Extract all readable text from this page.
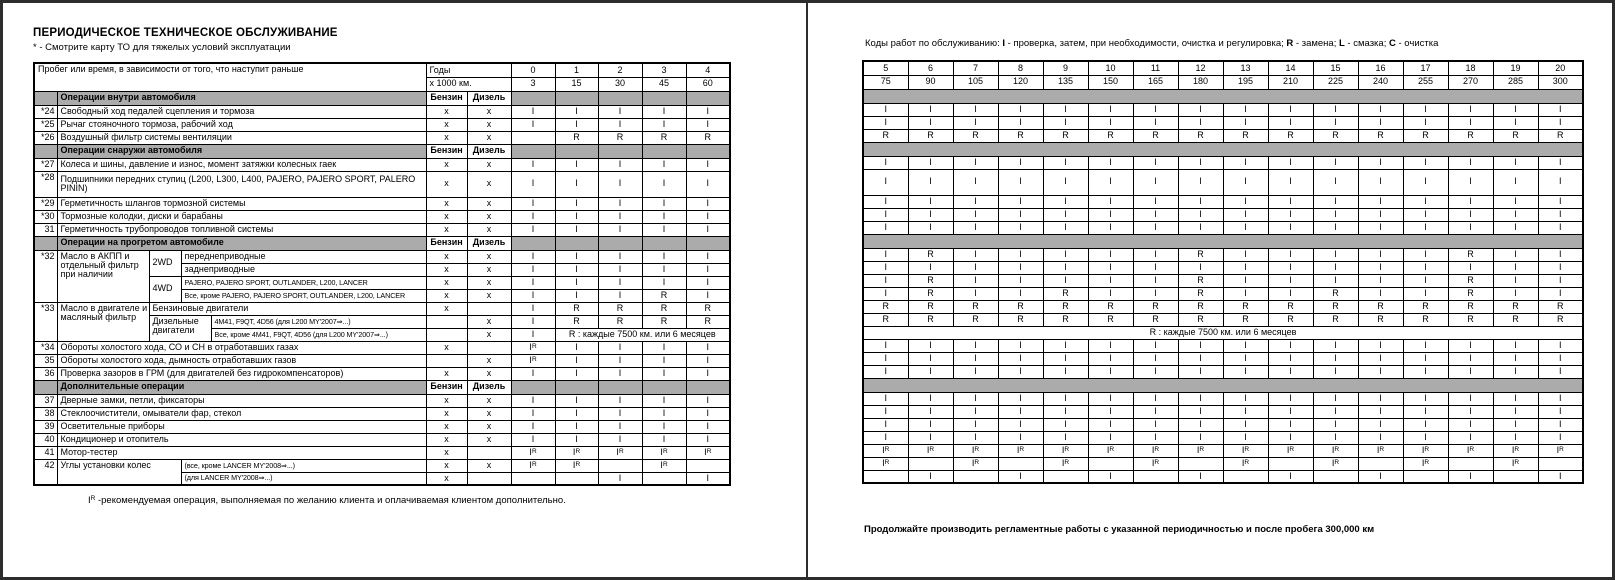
ПЕРИОДИЧЕСКОЕ ТЕХНИЧЕСКОЕ ОБСЛУЖИВАНИЕ
* - Смотрите карту ТО для тяжелых условий эксплуатации
Пробег или время, в зависимости от того, что наступит раньше					Годы		0	1	2	3	4
					х 1000 км.		3	15	30	45	60
	Операции внутри автомобиля				Бензин	Дизель					
*24	Свободный ход педалей сцепления и тормоза				x	x	I	I	I	I	I
*25	Рычаг стояночного тормоза, рабочий ход				x	x	I	I	I	I	I
*26	Воздушный фильтр системы вентиляции				x	x		R	R	R	R
	Операции снаружи автомобиля				Бензин	Дизель					
*27	Колеса и шины, давление и износ, момент затяжки колесных гаек				x	x	I	I	I	I	I
*28	Подшипники передних ступиц (L200, L300, L400, PAJERO, PAJERO SPORT, PALERO PININ)				x	x	I	I	I	I	I
*29	Герметичность шлангов тормозной системы				x	x	I	I	I	I	I
*30	Тормозные колодки, диски и барабаны				x	x	I	I	I	I	I
31	Герметичность трубопроводов топливной системы				x	x	I	I	I	I	I
	Операции на прогретом автомобиле				Бензин	Дизель					
*32	Масло в АКПП и отдельный фильтр при наличии	2WD	переднеприводные		x	x	I	I	I	I	I
			заднеприводные		x	x	I	I	I	I	I
		4WD	PAJERO, PAJERO SPORT, OUTLANDER, L200, LANCER		x	x	I	I	I	I	I
			Все, кроме PAJERO, PAJERO SPORT, OUTLANDER, L200, LANCER		x	x	I	I	I	R	I
*33	Масло в двигателе и масляный фильтр	Бензиновые двигатели			x		I	R	R	R	R
		Дизельные двигатели		4M41, F9QT, 4D56 (для L200 MY'2007⇒...)		x	I	R	R	R	R
				Все, кроме 4M41, F9QT, 4D56 (для L200 MY'2007⇒...)		x	I	R : каждые 7500 км. или 6 месяцев			
*34	Обороты холостого хода, СО и СН в отработавших газах				x		$I^R$	I	I	I	I
35	Обороты холостого хода, дымность отработавших газов					x	$I^R$	I	I	I	I
36	Проверка зазоров в ГРМ (для двигателей без гидрокомпенсаторов)				x	x	I	I	I	I	I
	Дополнительные операции				Бензин	Дизель					
37	Дверные замки, петли, фиксаторы				x	x	I	I	I	I	I
38	Стеклоочистители, омыватели фар, стекол				x	x	I	I	I	I	I
39	Осветительные приборы				x	x	I	I	I	I	I
40	Кондиционер и отопитель				x	x	I	I	I	I	I
41	Мотор-тестер				x		$I^R$	$I^R$	$I^R$	$I^R$	$I^R$
42	Углы установки колес		(все, кроме LANCER MY'2008⇒...)		x	x	$I^R$	$I^R$		$I^R$	
			(для LANCER MY'2008⇒...)		x				I		I
$I^R$ -рекомендуемая операция, выполняемая по желанию клиента и оплачиваемая клиентом дополнительно.
Коды работ по обслуживанию: I - проверка, затем, при необходимости, очистка и регулировка; R - замена; L - смазка; C - очистка
5	6	7	8	9	10	11	12	13	14	15	16	17	18	19	20
75	90	105	120	135	150	165	180	195	210	225	240	255	270	285	300

I	I	I	I	I	I	I	I	I	I	I	I	I	I	I	I
I	I	I	I	I	I	I	I	I	I	I	I	I	I	I	I
R	R	R	R	R	R	R	R	R	R	R	R	R	R	R	R

I	I	I	I	I	I	I	I	I	I	I	I	I	I	I	I
I	I	I	I	I	I	I	I	I	I	I	I	I	I	I	I
I	I	I	I	I	I	I	I	I	I	I	I	I	I	I	I
I	I	I	I	I	I	I	I	I	I	I	I	I	I	I	I
I	I	I	I	I	I	I	I	I	I	I	I	I	I	I	I

I	R	I	I	I	I	I	R	I	I	I	I	I	R	I	I
I	I	I	I	I	I	I	I	I	I	I	I	I	I	I	I
I	R	I	I	I	I	I	R	I	I	I	I	I	R	I	I
I	R	I	I	R	I	I	R	I	I	R	I	I	R	I	I
R	R	R	R	R	R	R	R	R	R	R	R	R	R	R	R
R	R	R	R	R	R	R	R	R	R	R	R	R	R	R	R
R : каждые 7500 км. или 6 месяцев															
I	I	I	I	I	I	I	I	I	I	I	I	I	I	I	I
I	I	I	I	I	I	I	I	I	I	I	I	I	I	I	I
I	I	I	I	I	I	I	I	I	I	I	I	I	I	I	I

I	I	I	I	I	I	I	I	I	I	I	I	I	I	I	I
I	I	I	I	I	I	I	I	I	I	I	I	I	I	I	I
I	I	I	I	I	I	I	I	I	I	I	I	I	I	I	I
I	I	I	I	I	I	I	I	I	I	I	I	I	I	I	I
$I^R$	$I^R$	$I^R$	$I^R$	$I^R$	$I^R$	$I^R$	$I^R$	$I^R$	$I^R$	$I^R$	$I^R$	$I^R$	$I^R$	$I^R$	$I^R$
$I^R$		$I^R$		$I^R$		$I^R$		$I^R$		$I^R$		$I^R$		$I^R$	
	I		I		I		I		I		I		I		I
Продолжайте производить регламентные работы с указанной периодичностью и после пробега 300,000 км
